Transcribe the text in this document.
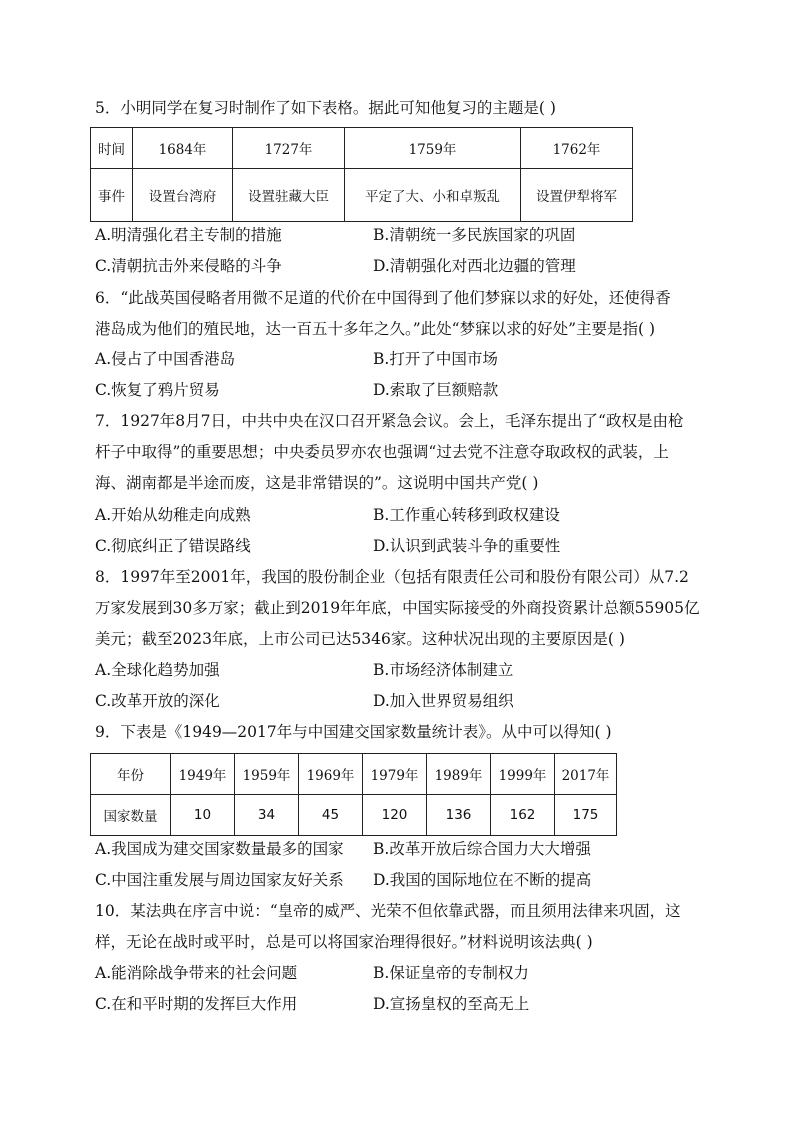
5．小明同学在复习时制作了如下表格。据此可知他复习的主题是( )
时间	1684年	1727年	1759年	1762年
事件	设置台湾府	设置驻藏大臣	平定了大、小和卓叛乱	设置伊犁将军
A.明清强化君主专制的措施	B.清朝统一多民族国家的巩固
C.清朝抗击外来侵略的斗争	D.清朝强化对西北边疆的管理
6．“此战英国侵略者用微不足道的代价在中国得到了他们梦寐以求的好处，还使得香
港岛成为他们的殖民地，达一百五十多年之久。”此处“梦寐以求的好处”主要是指( )
A.侵占了中国香港岛	B.打开了中国市场
C.恢复了鸦片贸易	D.索取了巨额赔款
7．1927年8月7日，中共中央在汉口召开紧急会议。会上，毛泽东提出了“政权是由枪
杆子中取得”的重要思想；中央委员罗亦农也强调“过去党不注意夺取政权的武装，上
海、湖南都是半途而废，这是非常错误的”。这说明中国共产党( )
A.开始从幼稚走向成熟	B.工作重心转移到政权建设
C.彻底纠正了错误路线	D.认识到武装斗争的重要性
8．1997年至2001年，我国的股份制企业（包括有限责任公司和股份有限公司）从7.2
万家发展到30多万家；截止到2019年年底，中国实际接受的外商投资累计总额55905亿
美元；截至2023年底，上市公司已达5346家。这种状况出现的主要原因是( )
A.全球化趋势加强	B.市场经济体制建立
C.改革开放的深化	D.加入世界贸易组织
9．下表是《1949—2017年与中国建交国家数量统计表》。从中可以得知( )
年份	1949年	1959年	1969年	1979年	1989年	1999年	2017年
国家数量	10	34	45	120	136	162	175
A.我国成为建交国家数量最多的国家 B.改革开放后综合国力大大增强
C.中国注重发展与周边国家友好关系 D.我国的国际地位在不断的提高
10．某法典在序言中说：“皇帝的威严、光荣不但依靠武器，而且须用法律来巩固，这
样，无论在战时或平时，总是可以将国家治理得很好。”材料说明该法典( )
A.能消除战争带来的社会问题	B.保证皇帝的专制权力
C.在和平时期的发挥巨大作用	D.宣扬皇权的至高无上
